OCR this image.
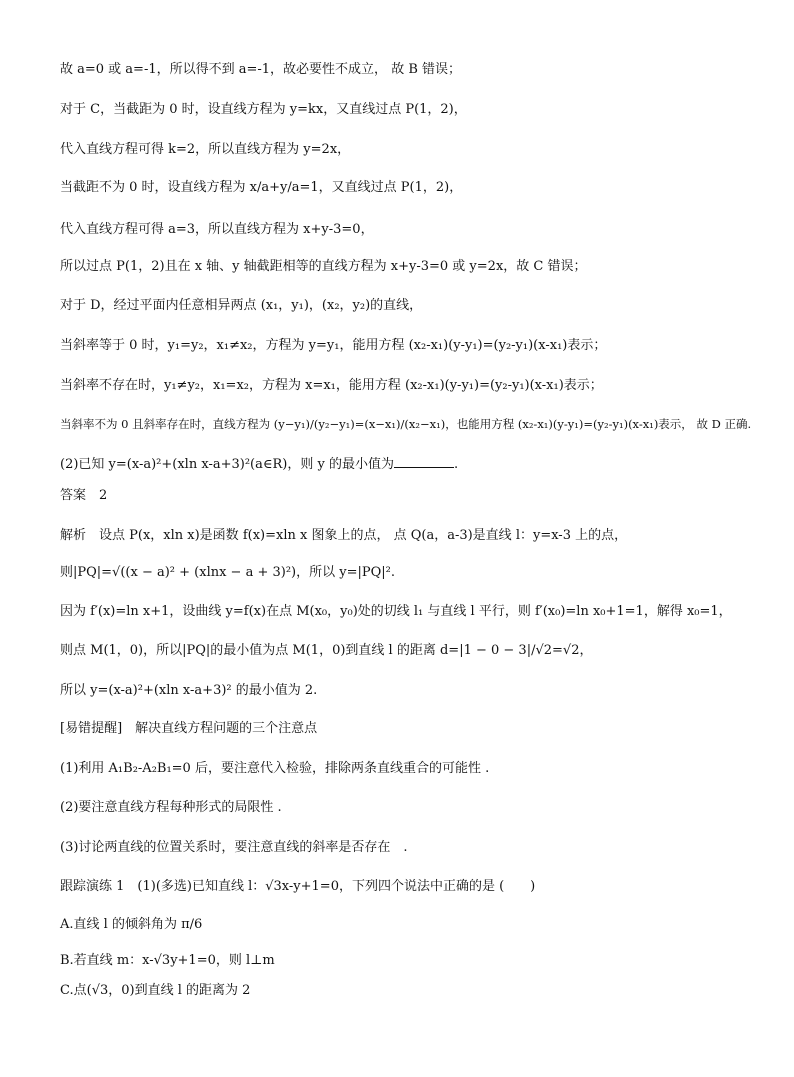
故 a=0 或 a=-1，所以得不到 a=-1，故必要性不成立， 故 B 错误；
对于 C，当截距为 0 时，设直线方程为 y=kx，又直线过点 P(1，2)，
代入直线方程可得 k=2，所以直线方程为 y=2x，
当截距不为 0 时，设直线方程为 x/a+y/a=1，又直线过点 P(1，2)，
代入直线方程可得 a=3，所以直线方程为 x+y-3=0，
所以过点 P(1，2)且在 x 轴、y 轴截距相等的直线方程为 x+y-3=0 或 y=2x，故 C 错误；
对于 D，经过平面内任意相异两点 (x₁，y₁)，(x₂，y₂)的直线，
当斜率等于 0 时，y₁=y₂，x₁≠x₂，方程为 y=y₁，能用方程 (x₂-x₁)(y-y₁)=(y₂-y₁)(x-x₁)表示；
当斜率不存在时，y₁≠y₂，x₁=x₂，方程为 x=x₁，能用方程 (x₂-x₁)(y-y₁)=(y₂-y₁)(x-x₁)表示；
当斜率不为 0 且斜率存在时，直线方程为 (y−y₁)/(y₂−y₁)=(x−x₁)/(x₂−x₁)，也能用方程 (x₂-x₁)(y-y₁)=(y₂-y₁)(x-x₁)表示， 故 D 正确.
(2)已知 y=(x-a)²+(xln x-a+3)²(a∈R)，则 y 的最小值为	.
答案　2
解析　设点 P(x，xln x)是函数 f(x)=xln x 图象上的点， 点 Q(a，a-3)是直线 l：y=x-3 上的点，
则|PQ|=√((x − a)² + (xlnx − a + 3)²)，所以 y=|PQ|².
因为 f′(x)=ln x+1，设曲线 y=f(x)在点 M(x₀，y₀)处的切线 l₁ 与直线 l 平行，则 f′(x₀)=ln x₀+1=1，解得 x₀=1，
则点 M(1，0)，所以|PQ|的最小值为点 M(1，0)到直线 l 的距离 d=|1 − 0 − 3|/√2=√2，
所以 y=(x-a)²+(xln x-a+3)² 的最小值为 2.
[易错提醒]　解决直线方程问题的三个注意点
(1)利用 A₁B₂-A₂B₁=0 后，要注意代入检验，排除两条直线重合的可能性 .
(2)要注意直线方程每种形式的局限性 .
(3)讨论两直线的位置关系时，要注意直线的斜率是否存在　.
跟踪演练 1　(1)(多选)已知直线 l：√3x-y+1=0，下列四个说法中正确的是 (　　)
A.直线 l 的倾斜角为 π/6
B.若直线 m：x-√3y+1=0，则 l⊥m
C.点(√3，0)到直线 l 的距离为 2
